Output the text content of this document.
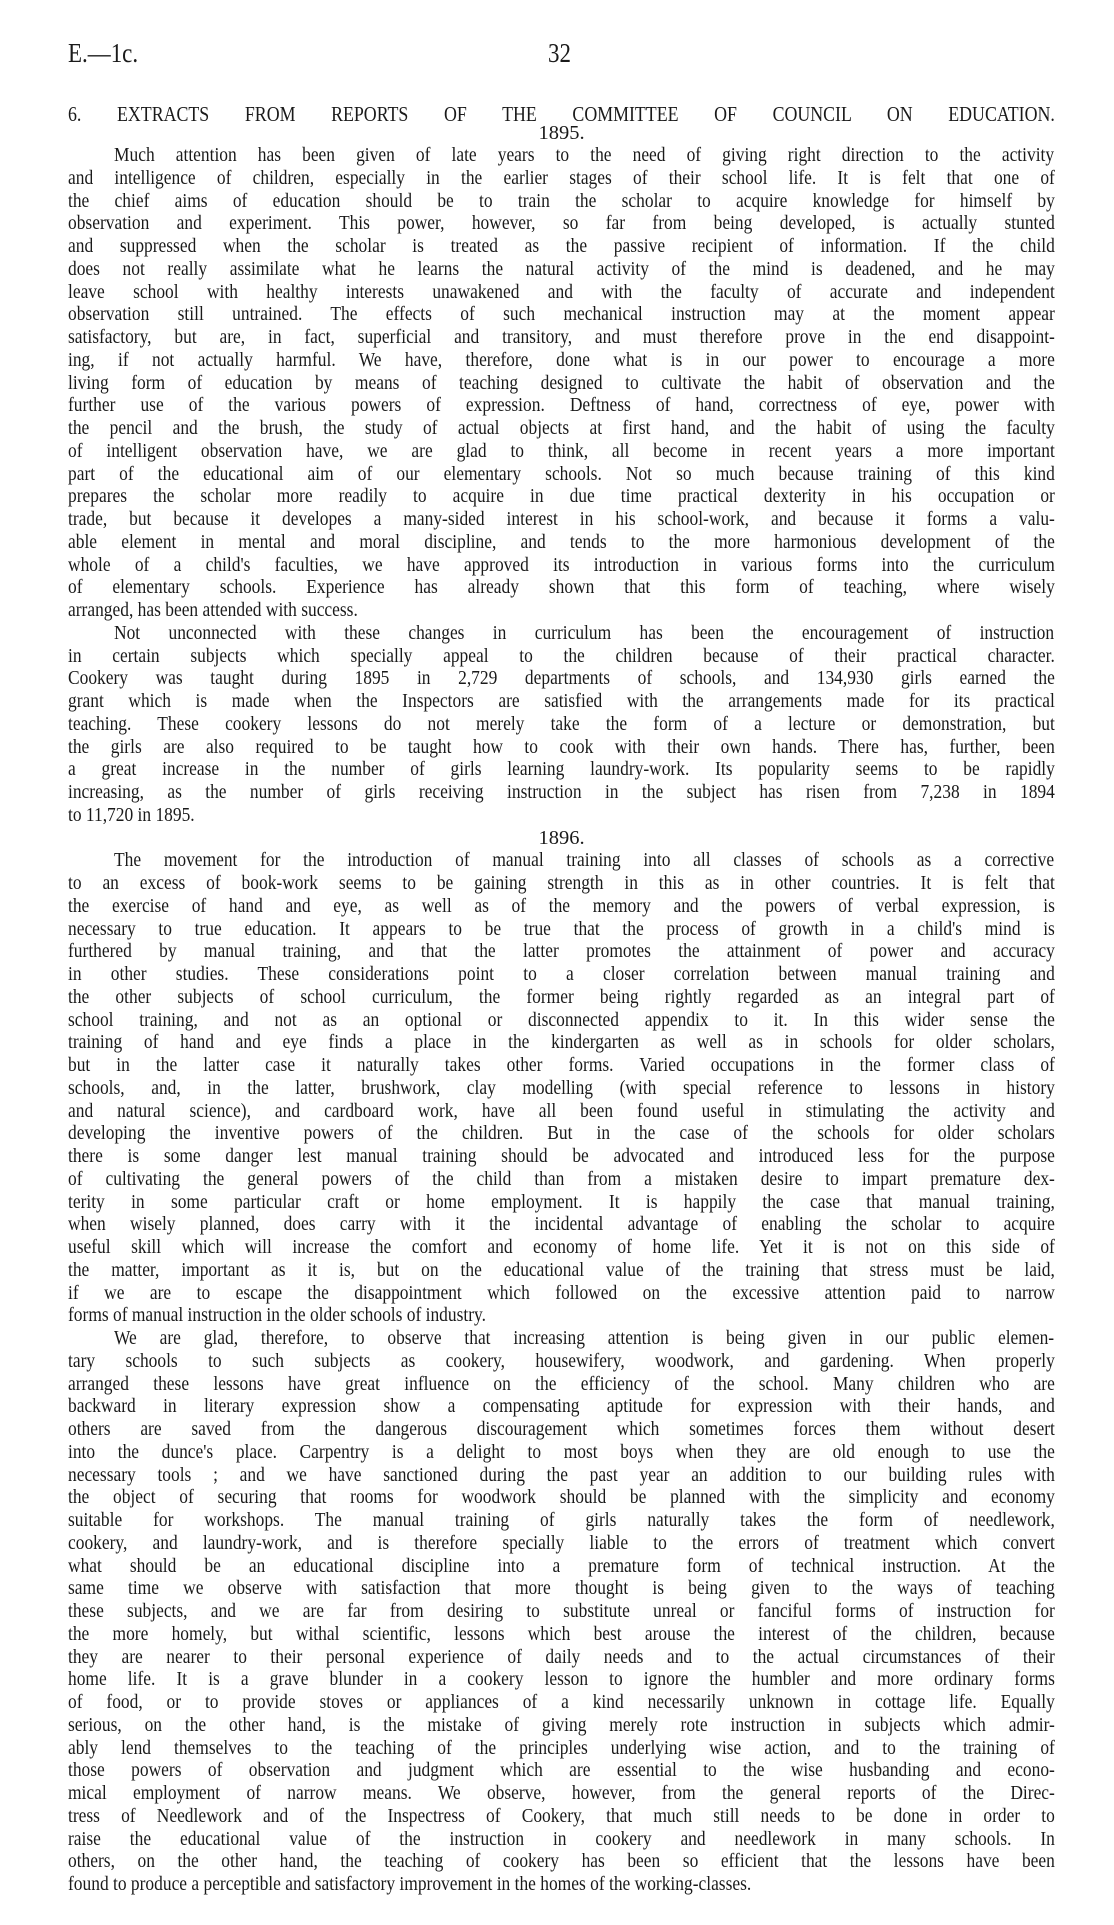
E.—1c.	32
6. EXTRACTS FROM REPORTS OF THE COMMITTEE OF COUNCIL ON EDUCATION.
1895.
Much attention has been given of late years to the need of giving right direction to the activity
and intelligence of children, especially in the earlier stages of their school life. It is felt that one of
the chief aims of education should be to train the scholar to acquire knowledge for himself by
observation and experiment. This power, however, so far from being developed, is actually stunted
and suppressed when the scholar is treated as the passive recipient of information. If the child
does not really assimilate what he learns the natural activity of the mind is deadened, and he may
leave school with healthy interests unawakened and with the faculty of accurate and independent
observation still untrained. The effects of such mechanical instruction may at the moment appear
satisfactory, but are, in fact, superficial and transitory, and must therefore prove in the end disappoint-
ing, if not actually harmful. We have, therefore, done what is in our power to encourage a more
living form of education by means of teaching designed to cultivate the habit of observation and the
further use of the various powers of expression. Deftness of hand, correctness of eye, power with
the pencil and the brush, the study of actual objects at first hand, and the habit of using the faculty
of intelligent observation have, we are glad to think, all become in recent years a more important
part of the educational aim of our elementary schools. Not so much because training of this kind
prepares the scholar more readily to acquire in due time practical dexterity in his occupation or
trade, but because it developes a many-sided interest in his school-work, and because it forms a valu-
able element in mental and moral discipline, and tends to the more harmonious development of the
whole of a child's faculties, we have approved its introduction in various forms into the curriculum
of elementary schools. Experience has already shown that this form of teaching, where wisely
arranged, has been attended with success.
Not unconnected with these changes in curriculum has been the encouragement of instruction
in certain subjects which specially appeal to the children because of their practical character.
Cookery was taught during 1895 in 2,729 departments of schools, and 134,930 girls earned the
grant which is made when the Inspectors are satisfied with the arrangements made for its practical
teaching. These cookery lessons do not merely take the form of a lecture or demonstration, but
the girls are also required to be taught how to cook with their own hands. There has, further, been
a great increase in the number of girls learning laundry-work. Its popularity seems to be rapidly
increasing, as the number of girls receiving instruction in the subject has risen from 7,238 in 1894
to 11,720 in 1895.
1896.
The movement for the introduction of manual training into all classes of schools as a corrective
to an excess of book-work seems to be gaining strength in this as in other countries. It is felt that
the exercise of hand and eye, as well as of the memory and the powers of verbal expression, is
necessary to true education. It appears to be true that the process of growth in a child's mind is
furthered by manual training, and that the latter promotes the attainment of power and accuracy
in other studies. These considerations point to a closer correlation between manual training and
the other subjects of school curriculum, the former being rightly regarded as an integral part of
school training, and not as an optional or disconnected appendix to it. In this wider sense the
training of hand and eye finds a place in the kindergarten as well as in schools for older scholars,
but in the latter case it naturally takes other forms. Varied occupations in the former class of
schools, and, in the latter, brushwork, clay modelling (with special reference to lessons in history
and natural science), and cardboard work, have all been found useful in stimulating the activity and
developing the inventive powers of the children. But in the case of the schools for older scholars
there is some danger lest manual training should be advocated and introduced less for the purpose
of cultivating the general powers of the child than from a mistaken desire to impart premature dex-
terity in some particular craft or home employment. It is happily the case that manual training,
when wisely planned, does carry with it the incidental advantage of enabling the scholar to acquire
useful skill which will increase the comfort and economy of home life. Yet it is not on this side of
the matter, important as it is, but on the educational value of the training that stress must be laid,
if we are to escape the disappointment which followed on the excessive attention paid to narrow
forms of manual instruction in the older schools of industry.
We are glad, therefore, to observe that increasing attention is being given in our public elemen-
tary schools to such subjects as cookery, housewifery, woodwork, and gardening. When properly
arranged these lessons have great influence on the efficiency of the school. Many children who are
backward in literary expression show a compensating aptitude for expression with their hands, and
others are saved from the dangerous discouragement which sometimes forces them without desert
into the dunce's place. Carpentry is a delight to most boys when they are old enough to use the
necessary tools ; and we have sanctioned during the past year an addition to our building rules with
the object of securing that rooms for woodwork should be planned with the simplicity and economy
suitable for workshops. The manual training of girls naturally takes the form of needlework,
cookery, and laundry-work, and is therefore specially liable to the errors of treatment which convert
what should be an educational discipline into a premature form of technical instruction. At the
same time we observe with satisfaction that more thought is being given to the ways of teaching
these subjects, and we are far from desiring to substitute unreal or fanciful forms of instruction for
the more homely, but withal scientific, lessons which best arouse the interest of the children, because
they are nearer to their personal experience of daily needs and to the actual circumstances of their
home life. It is a grave blunder in a cookery lesson to ignore the humbler and more ordinary forms
of food, or to provide stoves or appliances of a kind necessarily unknown in cottage life. Equally
serious, on the other hand, is the mistake of giving merely rote instruction in subjects which admir-
ably lend themselves to the teaching of the principles underlying wise action, and to the training of
those powers of observation and judgment which are essential to the wise husbanding and econo-
mical employment of narrow means. We observe, however, from the general reports of the Direc-
tress of Needlework and of the Inspectress of Cookery, that much still needs to be done in order to
raise the educational value of the instruction in cookery and needlework in many schools. In
others, on the other hand, the teaching of cookery has been so efficient that the lessons have been
found to produce a perceptible and satisfactory improvement in the homes of the working-classes.
